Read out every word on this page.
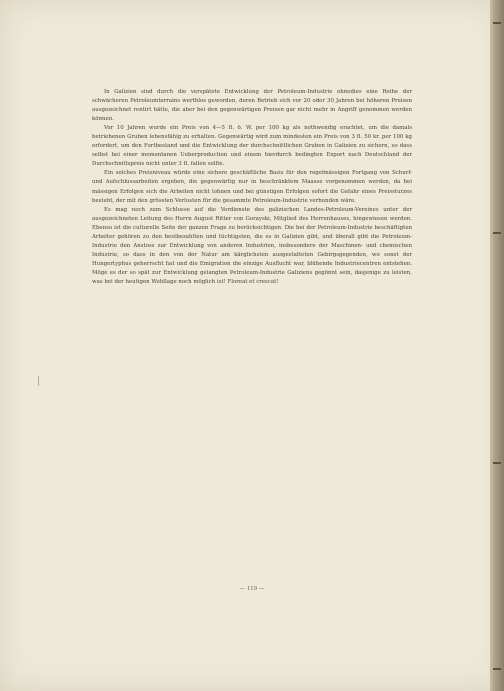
In Galizien sind durch die verspätete Entwicklung der Petroleum-Industrie ohnedies eine Reihe der schwächeren Petroleumterrains werthlos geworden, deren Betrieb sich vor 20 oder 30 Jahren bei höheren Preisen ausgezeichnet rentirt hätte, die aber bei den gegenwärtigen Preisen gar nicht mehr in Angriff genommen werden können.

Vor 10 Jahren wurde ein Preis von 4—5 fl. ö. W. per 100 kg als nothwendig erachtet, um die damals betriebenen Gruben lebensfähig zu erhalten. Gegenwärtig wird zum mindesten ein Preis von 3 fl. 50 kr. per 100 kg erfordert, um den Fortbestand und die Entwicklung der durchschnittlichen Gruben in Galizien zu sichern, so dass selbst bei einer momentanen Ueberproduction und einem hierdurch bedingten Export nach Deutschland der Durchschnittspreis nicht unter 3 fl. fallen sollte.

Ein solches Preisniveau würde eine sichere geschäftliche Basis für den regelmässigen Fortgang von Schurf- und Aufschlussarbeiten ergeben, die gegenwärtig nur in beschränktem Maasse vorgenommen werden, da bei mässigen Erfolgen sich die Arbeiten nicht lohnen und bei günstigen Erfolgen sofort die Gefahr eines Preissturzes besteht, der mit den grössten Verlusten für die gesammte Petroleum-Industrie verbunden wäre.

Es mag noch zum Schlusse auf die Verdienste des galizischen Landes-Petroleum-Vereines unter der ausgezeichneten Leitung des Herrn August Ritter von Gorayski, Mitglied des Herrenhauses, hingewiesen werden. Ebenso ist die culturelle Seite der ganzen Frage zu berücksichtigen. Die bei der Petroleum-Industrie beschäftigten Arbeiter gehören zu den bestbezahlten und tüchtigsten, die es in Galizien gibt, und überall gibt die Petroleum-Industrie den Anstoss zur Entwicklung von anderen Industrien, insbesondere der Maschinen- und chemischen Industrie, so dass in den von der Natur am kärglichsten ausgestatteten Gebirgsgegenden, wo sonst der Hungertyphus geherrscht hat und die Emigration die einzige Ausflucht war, blühende Industriecentren entstehen. Möge es der so spät zur Entwicklung gelangten Petroleum-Industrie Galiziens gegönnt sein, dasjenige zu leisten, was bei der heutigen Wohllage noch möglich ist! Floreat et crescat!

— 119 —
